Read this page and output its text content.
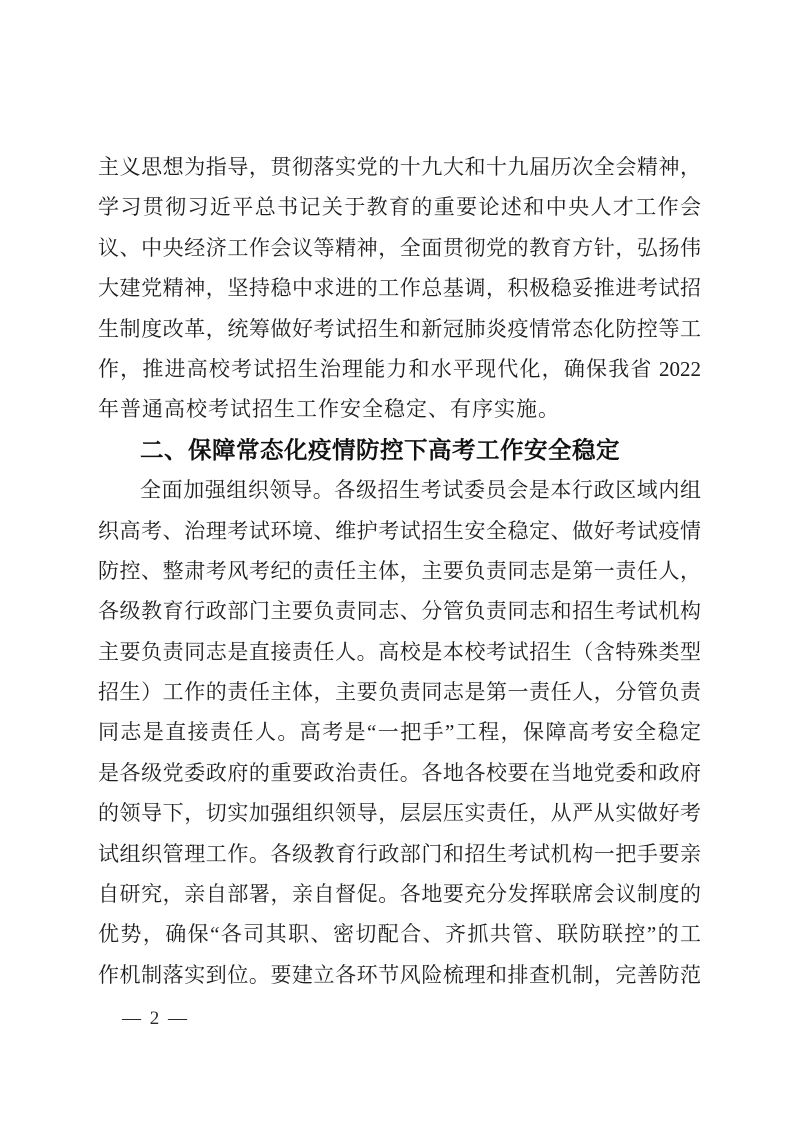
主义思想为指导，贯彻落实党的十九大和十九届历次全会精神，
学习贯彻习近平总书记关于教育的重要论述和中央人才工作会
议、中央经济工作会议等精神，全面贯彻党的教育方针，弘扬伟
大建党精神，坚持稳中求进的工作总基调，积极稳妥推进考试招
生制度改革，统筹做好考试招生和新冠肺炎疫情常态化防控等工
作，推进高校考试招生治理能力和水平现代化，确保我省 2022
年普通高校考试招生工作安全稳定、有序实施。
二、保障常态化疫情防控下高考工作安全稳定
全面加强组织领导。各级招生考试委员会是本行政区域内组
织高考、治理考试环境、维护考试招生安全稳定、做好考试疫情
防控、整肃考风考纪的责任主体，主要负责同志是第一责任人，
各级教育行政部门主要负责同志、分管负责同志和招生考试机构
主要负责同志是直接责任人。高校是本校考试招生（含特殊类型
招生）工作的责任主体，主要负责同志是第一责任人，分管负责
同志是直接责任人。高考是“一把手”工程，保障高考安全稳定
是各级党委政府的重要政治责任。各地各校要在当地党委和政府
的领导下，切实加强组织领导，层层压实责任，从严从实做好考
试组织管理工作。各级教育行政部门和招生考试机构一把手要亲
自研究，亲自部署，亲自督促。各地要充分发挥联席会议制度的
优势，确保“各司其职、密切配合、齐抓共管、联防联控”的工
作机制落实到位。要建立各环节风险梳理和排查机制，完善防范
— 2 —
